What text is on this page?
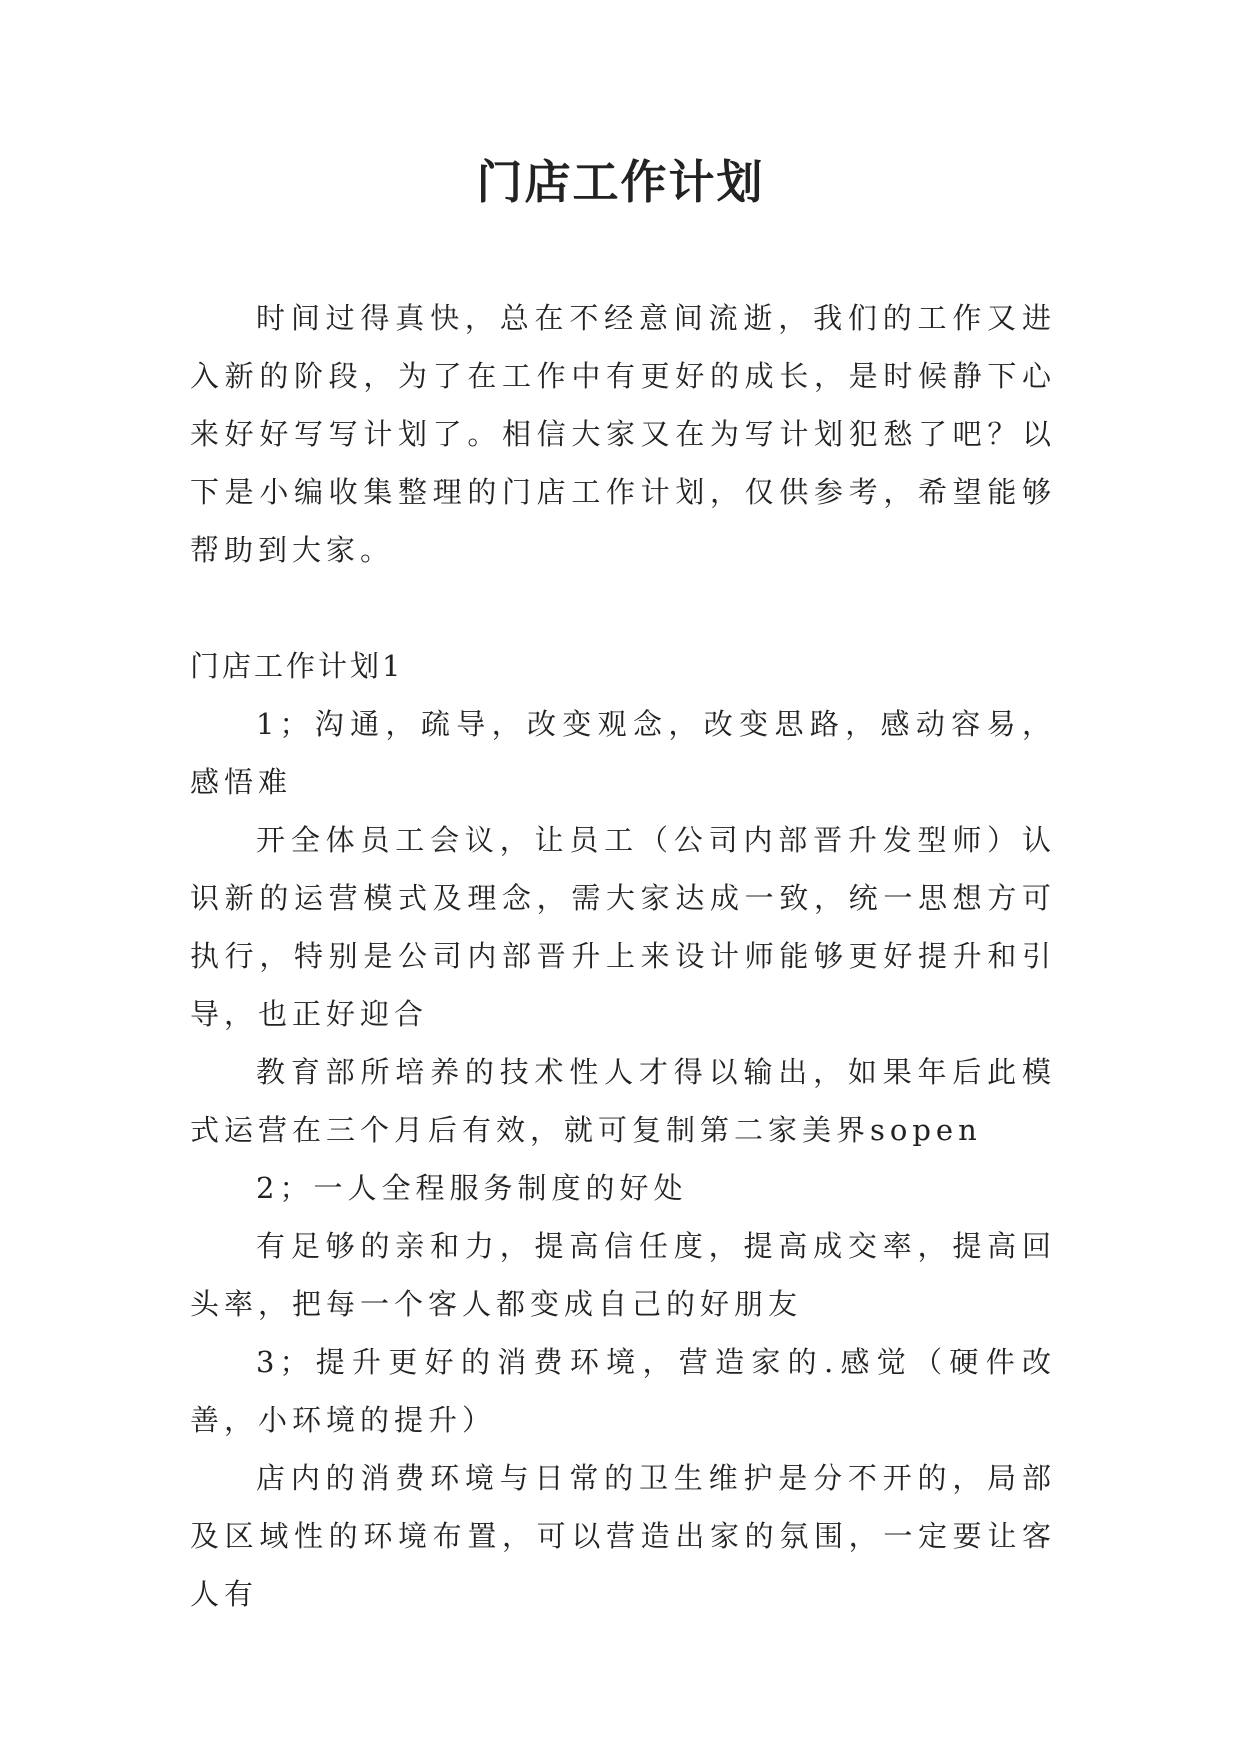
门店工作计划

时间过得真快，总在不经意间流逝，我们的工作又进入新的阶段，为了在工作中有更好的成长，是时候静下心来好好写写计划了。相信大家又在为写计划犯愁了吧？以下是小编收集整理的门店工作计划，仅供参考，希望能够帮助到大家。

门店工作计划1

1；沟通，疏导，改变观念，改变思路，感动容易，感悟难

开全体员工会议，让员工（公司内部晋升发型师）认识新的运营模式及理念，需大家达成一致，统一思想方可执行，特别是公司内部晋升上来设计师能够更好提升和引导，也正好迎合

教育部所培养的技术性人才得以输出，如果年后此模式运营在三个月后有效，就可复制第二家美界sopen

2；一人全程服务制度的好处

有足够的亲和力，提高信任度，提高成交率，提高回头率，把每一个客人都变成自己的好朋友

3；提升更好的消费环境，营造家的.感觉（硬件改善，小环境的提升）

店内的消费环境与日常的卫生维护是分不开的，局部及区域性的环境布置，可以营造出家的氛围，一定要让客人有
